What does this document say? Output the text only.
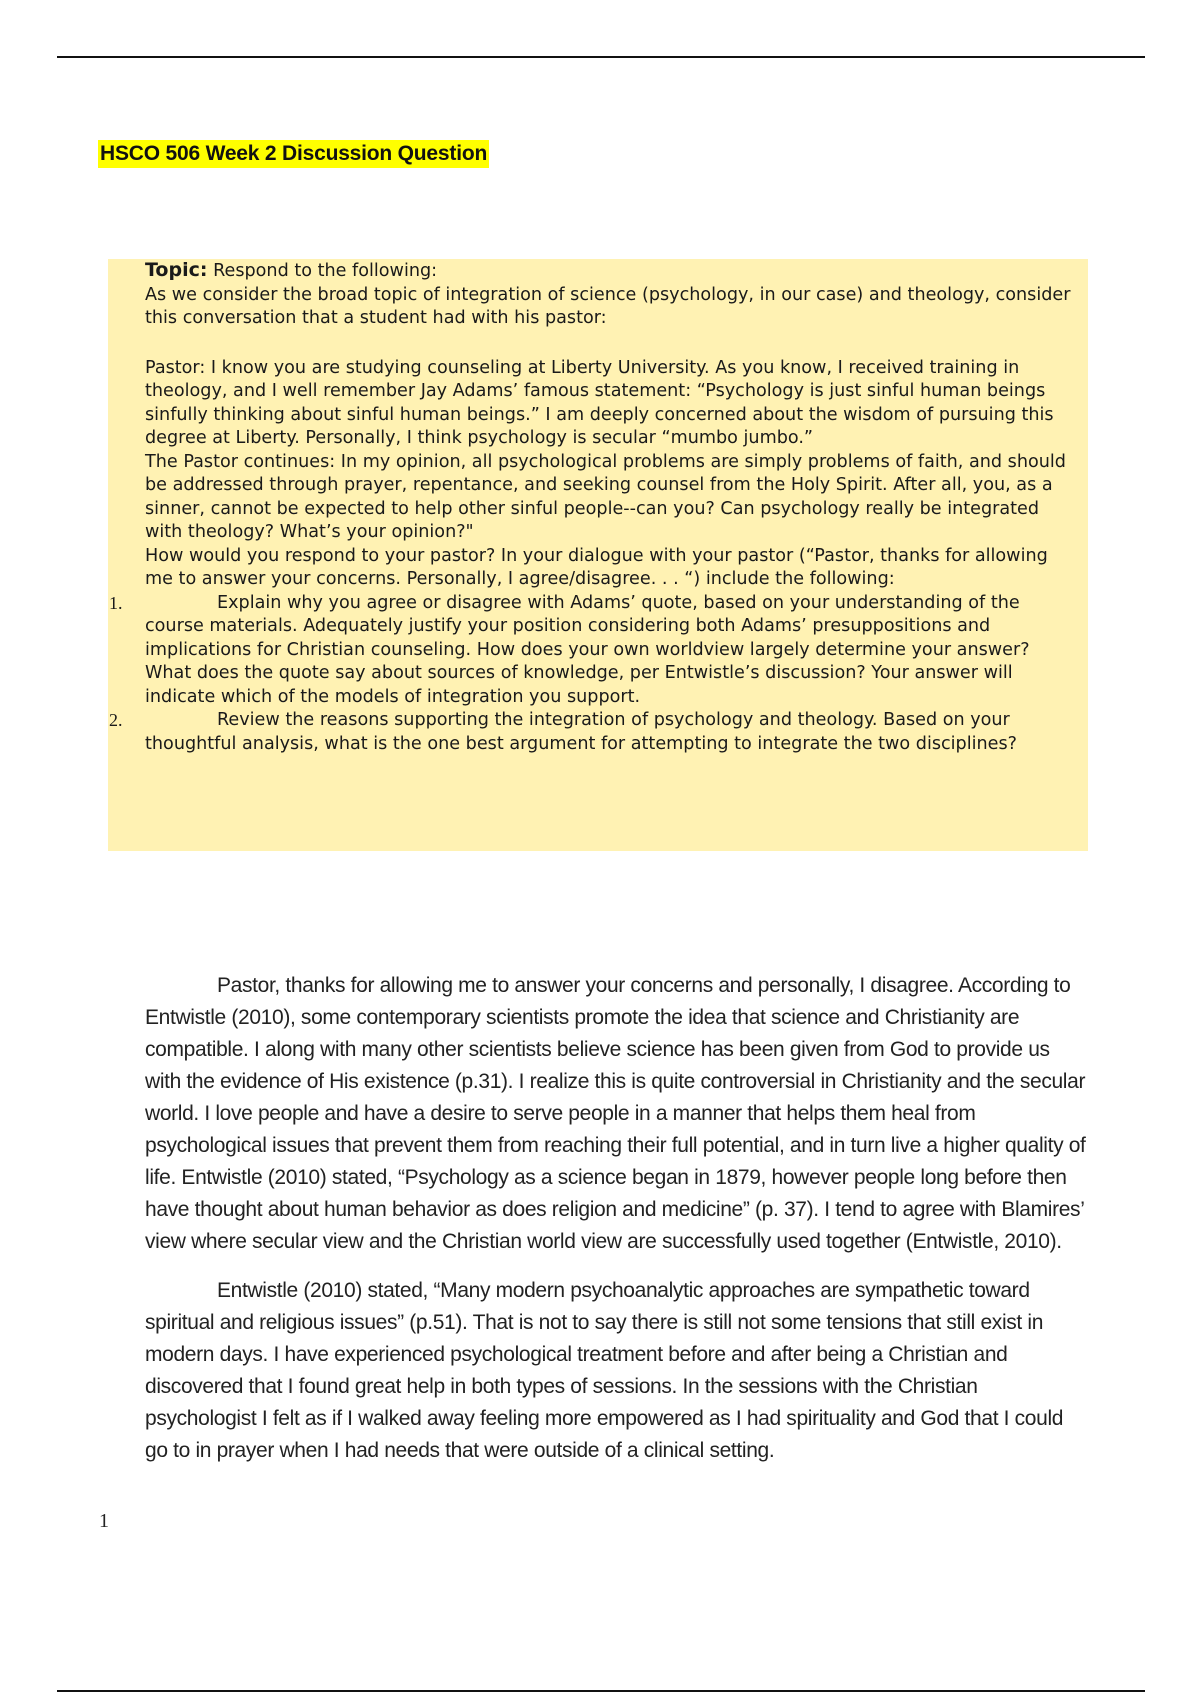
HSCO 506 Week 2 Discussion Question

Topic: Respond to the following:

As we consider the broad topic of integration of science (psychology, in our case) and theology, consider this conversation that a student had with his pastor:

Pastor: I know you are studying counseling at Liberty University. As you know, I received training in theology, and I well remember Jay Adams’ famous statement: “Psychology is just sinful human beings sinfully thinking about sinful human beings.” I am deeply concerned about the wisdom of pursuing this degree at Liberty. Personally, I think psychology is secular “mumbo jumbo.”

The Pastor continues: In my opinion, all psychological problems are simply problems of faith, and should be addressed through prayer, repentance, and seeking counsel from the Holy Spirit. After all, you, as a sinner, cannot be expected to help other sinful people--can you? Can psychology really be integrated with theology? What’s your opinion?"

How would you respond to your pastor? In your dialogue with your pastor (“Pastor, thanks for allowing me to answer your concerns. Personally, I agree/disagree. . . “) include the following:

1.	Explain why you agree or disagree with Adams’ quote, based on your understanding of the course materials. Adequately justify your position considering both Adams’ presuppositions and implications for Christian counseling. How does your own worldview largely determine your answer? What does the quote say about sources of knowledge, per Entwistle’s discussion? Your answer will indicate which of the models of integration you support.

2.	Review the reasons supporting the integration of psychology and theology. Based on your thoughtful analysis, what is the one best argument for attempting to integrate the two disciplines?

Pastor, thanks for allowing me to answer your concerns and personally, I disagree. According to Entwistle (2010), some contemporary scientists promote the idea that science and Christianity are compatible. I along with many other scientists believe science has been given from God to provide us with the evidence of His existence (p.31). I realize this is quite controversial in Christianity and the secular world. I love people and have a desire to serve people in a manner that helps them heal from psychological issues that prevent them from reaching their full potential, and in turn live a higher quality of life. Entwistle (2010) stated, “Psychology as a science began in 1879, however people long before then have thought about human behavior as does religion and medicine” (p. 37). I tend to agree with Blamires’ view where secular view and the Christian world view are successfully used together (Entwistle, 2010).

Entwistle (2010) stated, “Many modern psychoanalytic approaches are sympathetic toward spiritual and religious issues” (p.51). That is not to say there is still not some tensions that still exist in modern days. I have experienced psychological treatment before and after being a Christian and discovered that I found great help in both types of sessions. In the sessions with the Christian psychologist I felt as if I walked away feeling more empowered as I had spirituality and God that I could go to in prayer when I had needs that were outside of a clinical setting.

1
